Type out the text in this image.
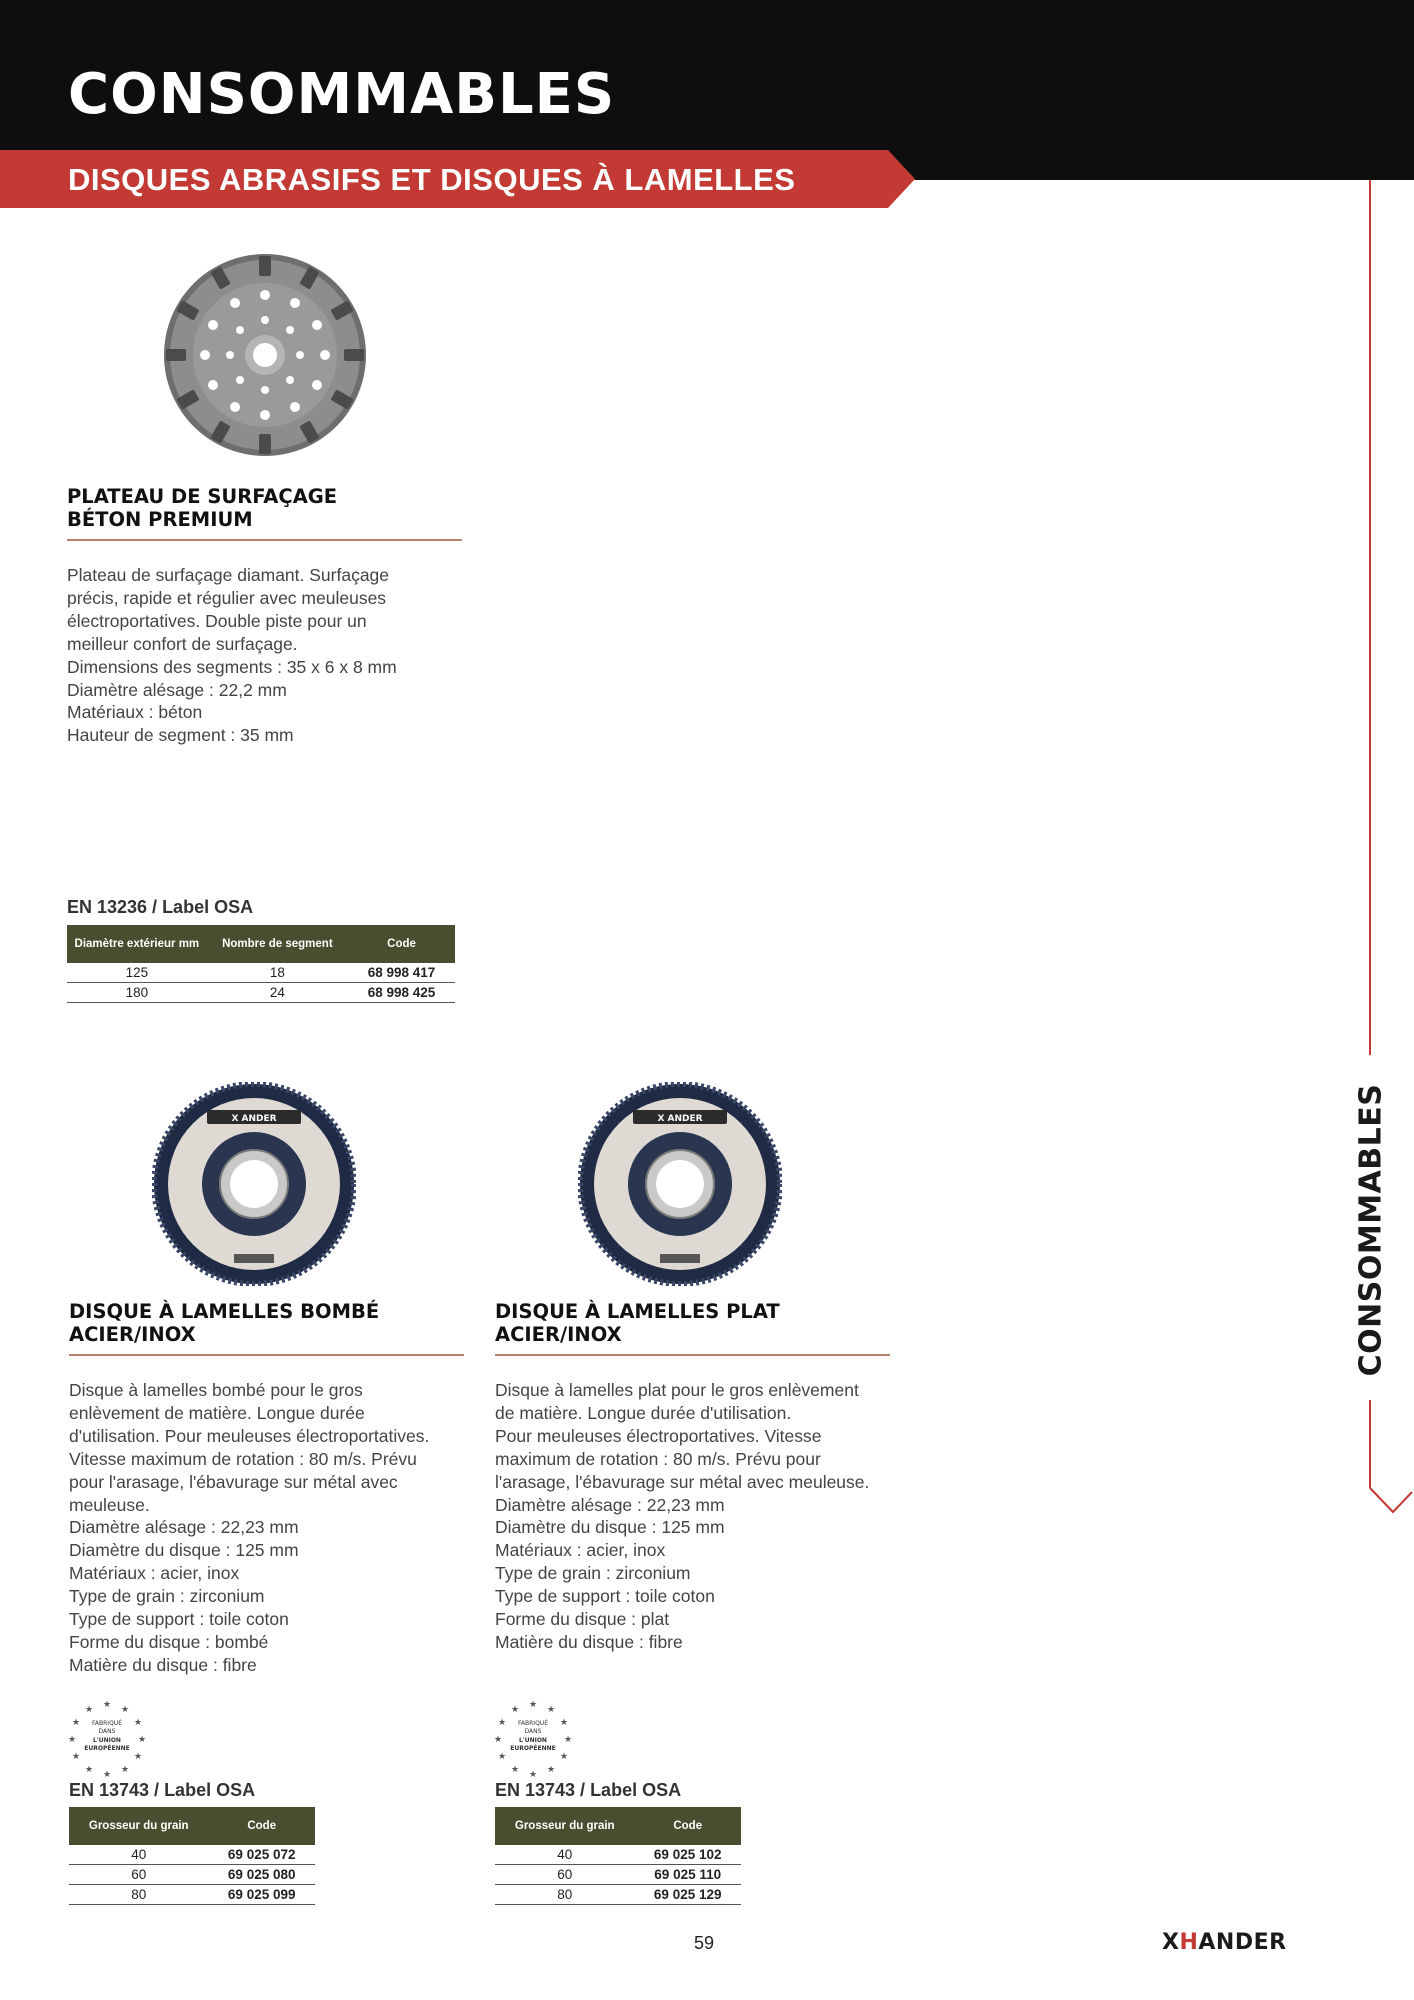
CONSOMMABLES
DISQUES ABRASIFS ET DISQUES À LAMELLES
CONSOMMABLES
PLATEAU DE SURFAÇAGE
BÉTON PREMIUM
Plateau de surfaçage diamant. Surfaçage
précis, rapide et régulier avec meuleuses
électroportatives. Double piste pour un
meilleur confort de surfaçage.
Dimensions des segments : 35 x 6 x 8 mm
Diamètre alésage : 22,2 mm
Matériaux : béton
Hauteur de segment : 35 mm
EN 13236 / Label OSA
Diamètre extérieur mm	Nombre de segment	Code
125	18	68 998 417
180	24	68 998 425
X ANDER
DISQUE À LAMELLES BOMBÉ
ACIER/INOX
Disque à lamelles bombé pour le gros
enlèvement de matière. Longue durée
d'utilisation. Pour meuleuses électroportatives.
Vitesse maximum de rotation : 80 m/s. Prévu
pour l'arasage, l'ébavurage sur métal avec
meuleuse.
Diamètre alésage : 22,23 mm
Diamètre du disque : 125 mm
Matériaux : acier, inox
Type de grain : zirconium
Type de support : toile coton
Forme du disque : bombé
Matière du disque : fibre
★ ★
★
★
★
★
★
★
★
★
★
★
FABRIQUÉ
DANS
L'UNION
EUROPÉENNE
EN 13743 / Label OSA
Grosseur du grain	Code
40	69 025 072
60	69 025 080
80	69 025 099
X ANDER
DISQUE À LAMELLES PLAT
ACIER/INOX
Disque à lamelles plat pour le gros enlèvement
de matière. Longue durée d'utilisation.
Pour meuleuses électroportatives. Vitesse
maximum de rotation : 80 m/s. Prévu pour
l'arasage, l'ébavurage sur métal avec meuleuse.
Diamètre alésage : 22,23 mm
Diamètre du disque : 125 mm
Matériaux : acier, inox
Type de grain : zirconium
Type de support : toile coton
Forme du disque : plat
Matière du disque : fibre
★ ★
★
★
★
★
★
★
★
★
★
★
FABRIQUÉ
DANS
L'UNION
EUROPÉENNE
EN 13743 / Label OSA
Grosseur du grain	Code
40	69 025 102
60	69 025 110
80	69 025 129
59	XHANDER
